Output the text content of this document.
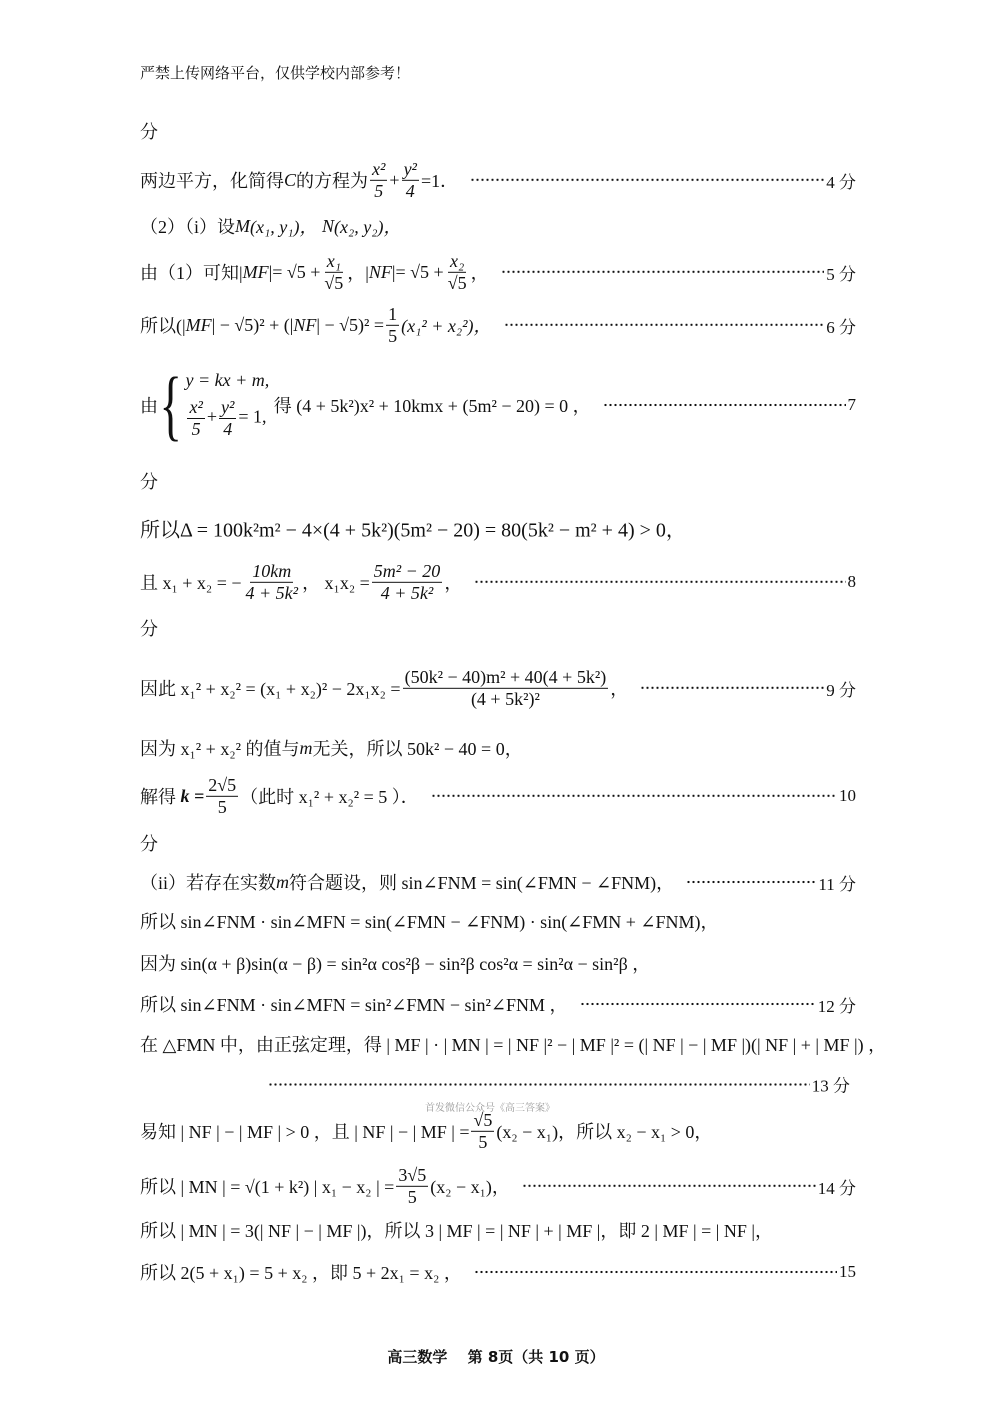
严禁上传网络平台，仅供学校内部参考！
分
两边平方，化简得 C 的方程为 $\frac{\text{x²}}{5} + \frac{\text{y²}}{4} =1$．	4 分
（2）（i）设 M (x₁, y₁)，
N (x₂, y₂)，
由（1）可知| MF |= $√5 + \frac{\text{x₁}}{√5}$ ，| NF |= $√5 + \frac{\text{x₂}}{√5}$ ，	5 分
所以(| MF | − √5)² + (| NF | − $√5)^2 = \frac{1}{5} (x_1^2 + x_2^2)$，	6 分
由 { y = kx + m,
$\frac{\text{x²}}{5} + \frac{\text{y²}}{4} = 1$,

得 (4 + 5k²)x² + 10kmx + (5m² − 20) = 0 ，	7
分
所以Δ = 100k²m² − 4×(4 + 5k²)(5m² − 20) = 80(5k² − m² + 4) > 0，
且 x₁ + x₂ = − $\frac{10km}{\text{4 + 5k²}}$ ， $x_1x_2 = \frac{\text{5m² − 20}}{\text{4 + 5k²}}$ ，	8
分
因此 $x_1^2 + x_2^2 = (x_1 + x_2)^2 - 2x_1x_2 = \frac{\text{(50k² − 40)m² + 40(4 + 5k²)}}{\text{(4 + 5k²)²}}$ ，	9 分
因为 x₁² + x₂² 的值与 m 无关，所以 50k² − 40 = 0，
解得
$k = \frac{2√5}{5}$ （此时 x₁² + x₂² = 5 ）．	10
分
（ii）若存在实数 m 符合题设，则 sin∠FNM = sin(∠FMN − ∠FNM)，	11 分
所以 sin∠FNM · sin∠MFN = sin(∠FMN − ∠FNM) · sin(∠FMN + ∠FNM)，
因为 sin(α + β)sin(α − β) = sin²α cos²β − sin²β cos²α = sin²α − sin²β ，
所以 sin∠FNM · sin∠MFN = sin²∠FMN − sin²∠FNM ，	12 分
在 △FMN 中，由正弦定理，得 | MF | · | MN | = | NF |² − | MF |² = (| NF | − | MF |)(| NF | + | MF |) ，
13 分
首发微信公众号《高三答案》
易知 | NF | − | MF | > 0 ，且 | NF | − | MF | = $\frac{√5}{5} (x_2 - x_1)$，所以 x₂ − x₁ > 0，
所以 | MN | = √(1 + k²) | x₁ − x₂ | = $\frac{3√5}{5} (x_2 - x_1)$，	14 分
所以 | MN | = 3(| NF | − | MF |)，所以 3 | MF | = | NF | + | MF |，即 2 | MF | = | NF |，
所以 2(5 + x₁) = 5 + x₂ ，即 5 + 2x₁ = x₂ ，	15
高三数学　 第 8页（共 10 页）
